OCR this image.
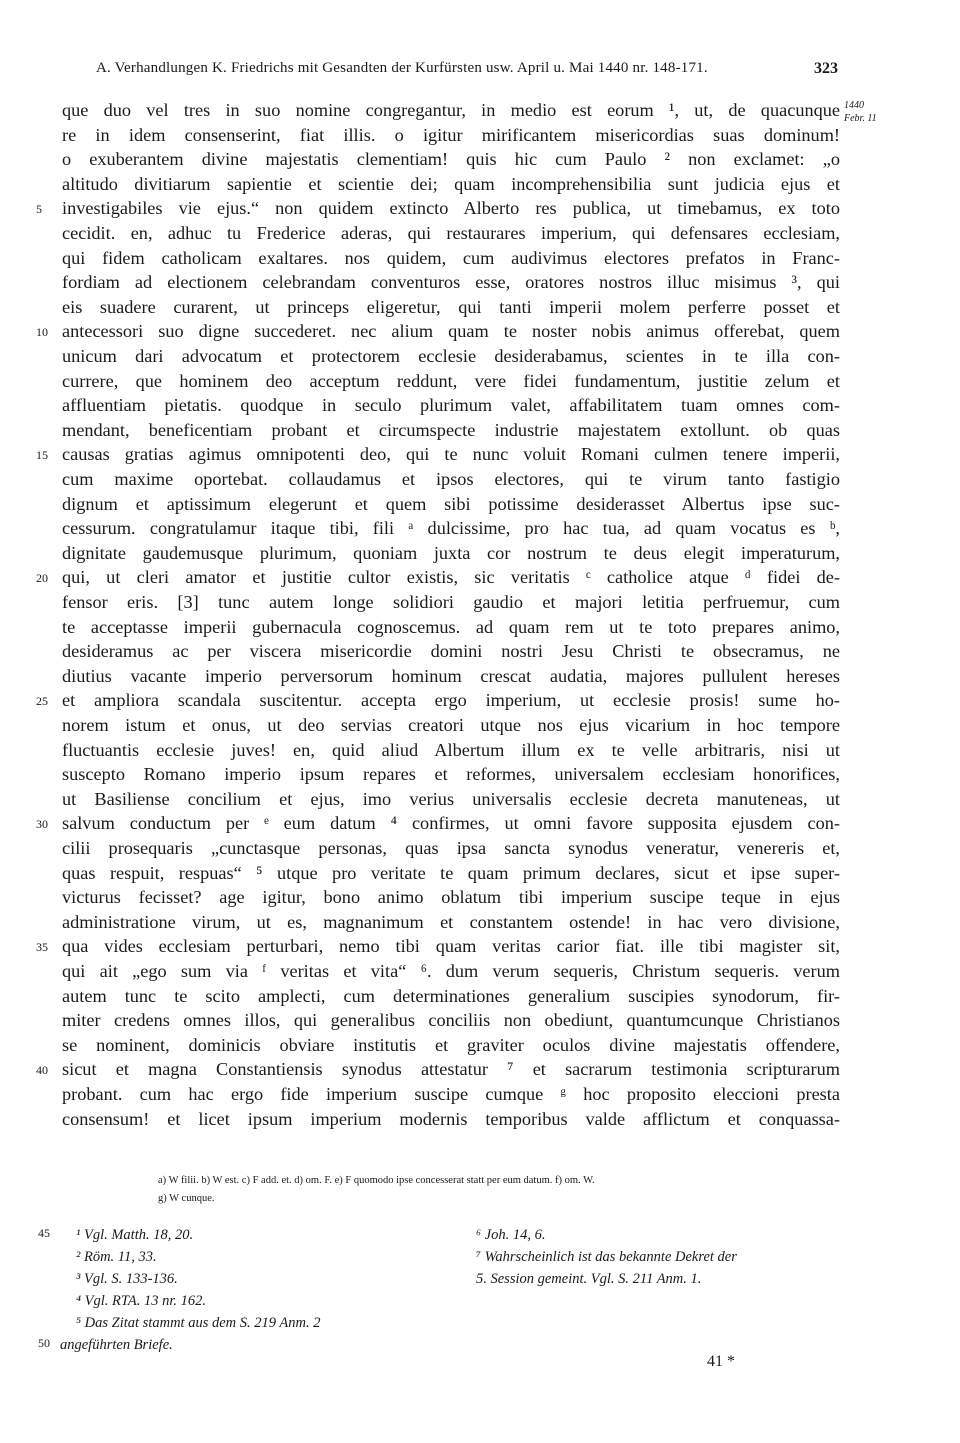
A. Verhandlungen K. Friedrichs mit Gesandten der Kurfürsten usw. April u. Mai 1440 nr. 148-171.	323
1440
Febr. 11
que duo vel tres in suo nomine congregantur, in medio est eorum ¹, ut, de quacunque
re in idem consenserint, fiat illis. o igitur mirificantem misericordias suas dominum!
o exuberantem divine majestatis clementiam! quis hic cum Paulo ² non exclamet: „o
altitudo divitiarum sapientie et scientie dei; quam incomprehensibilia sunt judicia ejus et
investigabiles vie ejus.“ non quidem extincto Alberto res publica, ut timebamus, ex toto
cecidit. en, adhuc tu Frederice aderas, qui restaurares imperium, qui defensares ecclesiam,
qui fidem catholicam exaltares. nos quidem, cum audivimus electores prefatos in Franc-
fordiam ad electionem celebrandam conventuros esse, oratores nostros illuc misimus ³, qui
eis suadere curarent, ut princeps eligeretur, qui tanti imperii molem perferre posset et
antecessori suo digne succederet. nec alium quam te noster nobis animus offerebat, quem
unicum dari advocatum et protectorem ecclesie desiderabamus, scientes in te illa con-
currere, que hominem deo acceptum reddunt, vere fidei fundamentum, justitie zelum et
affluentiam pietatis. quodque in seculo plurimum valet, affabilitatem tuam omnes com-
mendant, beneficentiam probant et circumspecte industrie majestatem extollunt. ob quas
causas gratias agimus omnipotenti deo, qui te nunc voluit Romani culmen tenere imperii,
cum maxime oportebat. collaudamus et ipsos electores, qui te virum tanto fastigio
dignum et aptissimum elegerunt et quem sibi potissime desiderasset Albertus ipse suc-
cessurum. congratulamur itaque tibi, fili ᵃ dulcissime, pro hac tua, ad quam vocatus es ᵇ,
dignitate gaudemusque plurimum, quoniam juxta cor nostrum te deus elegit imperaturum,
qui, ut cleri amator et justitie cultor existis, sic veritatis ᶜ catholice atque ᵈ fidei de-
fensor eris. [3] tunc autem longe solidiori gaudio et majori letitia perfruemur, cum
te acceptasse imperii gubernacula cognoscemus. ad quam rem ut te toto prepares animo,
desideramus ac per viscera misericordie domini nostri Jesu Christi te obsecramus, ne
diutius vacante imperio perversorum hominum crescat audatia, majores pullulent hereses
et ampliora scandala suscitentur. accepta ergo imperium, ut ecclesie prosis! sume ho-
norem istum et onus, ut deo servias creatori utque nos ejus vicarium in hoc tempore
fluctuantis ecclesie juves! en, quid aliud Albertum illum ex te velle arbitraris, nisi ut
suscepto Romano imperio ipsum repares et reformes, universalem ecclesiam honorifices,
ut Basiliense concilium et ejus, imo verius universalis ecclesie decreta manuteneas, ut
salvum conductum per ᵉ eum datum ⁴ confirmes, ut omni favore supposita ejusdem con-
cilii prosequaris „cunctasque personas, quas ipsa sancta synodus veneratur, venereris et,
quas respuit, respuas“ ⁵ utque pro veritate te quam primum declares, sicut et ipse super-
victurus fecisset? age igitur, bono animo oblatum tibi imperium suscipe teque in ejus
administratione virum, ut es, magnanimum et constantem ostende! in hac vero divisione,
qua vides ecclesiam perturbari, nemo tibi quam veritas carior fiat. ille tibi magister sit,
qui ait „ego sum via ᶠ veritas et vita“ ⁶. dum verum sequeris, Christum sequeris. verum
autem tunc te scito amplecti, cum determinationes generalium suscipies synodorum, fir-
miter credens omnes illos, qui generalibus conciliis non obediunt, quantumcunque Christianos
se nominent, dominicis obviare institutis et graviter oculos divine majestatis offendere,
sicut et magna Constantiensis synodus attestatur ⁷ et sacrarum testimonia scripturarum
probant. cum hac ergo fide imperium suscipe cumque ᵍ hoc proposito eleccioni presta
consensum! et licet ipsum imperium modernis temporibus valde afflictum et conquassa-
5
10
15
20
25
30
35
40
a) W filii. b) W est. c) F add. et. d) om. F. e) F quomodo ipse concesserat statt per eum datum. f) om. W.
g) W cunque.
45
50
¹ Vgl. Matth. 18, 20.
² Röm. 11, 33.
³ Vgl. S. 133-136.
⁴ Vgl. RTA. 13 nr. 162.
⁵ Das Zitat stammt aus dem S. 219 Anm. 2
angeführten Briefe.
⁶ Joh. 14, 6.
⁷ Wahrscheinlich ist das bekannte Dekret der
5. Session gemeint. Vgl. S. 211 Anm. 1.
41 *
